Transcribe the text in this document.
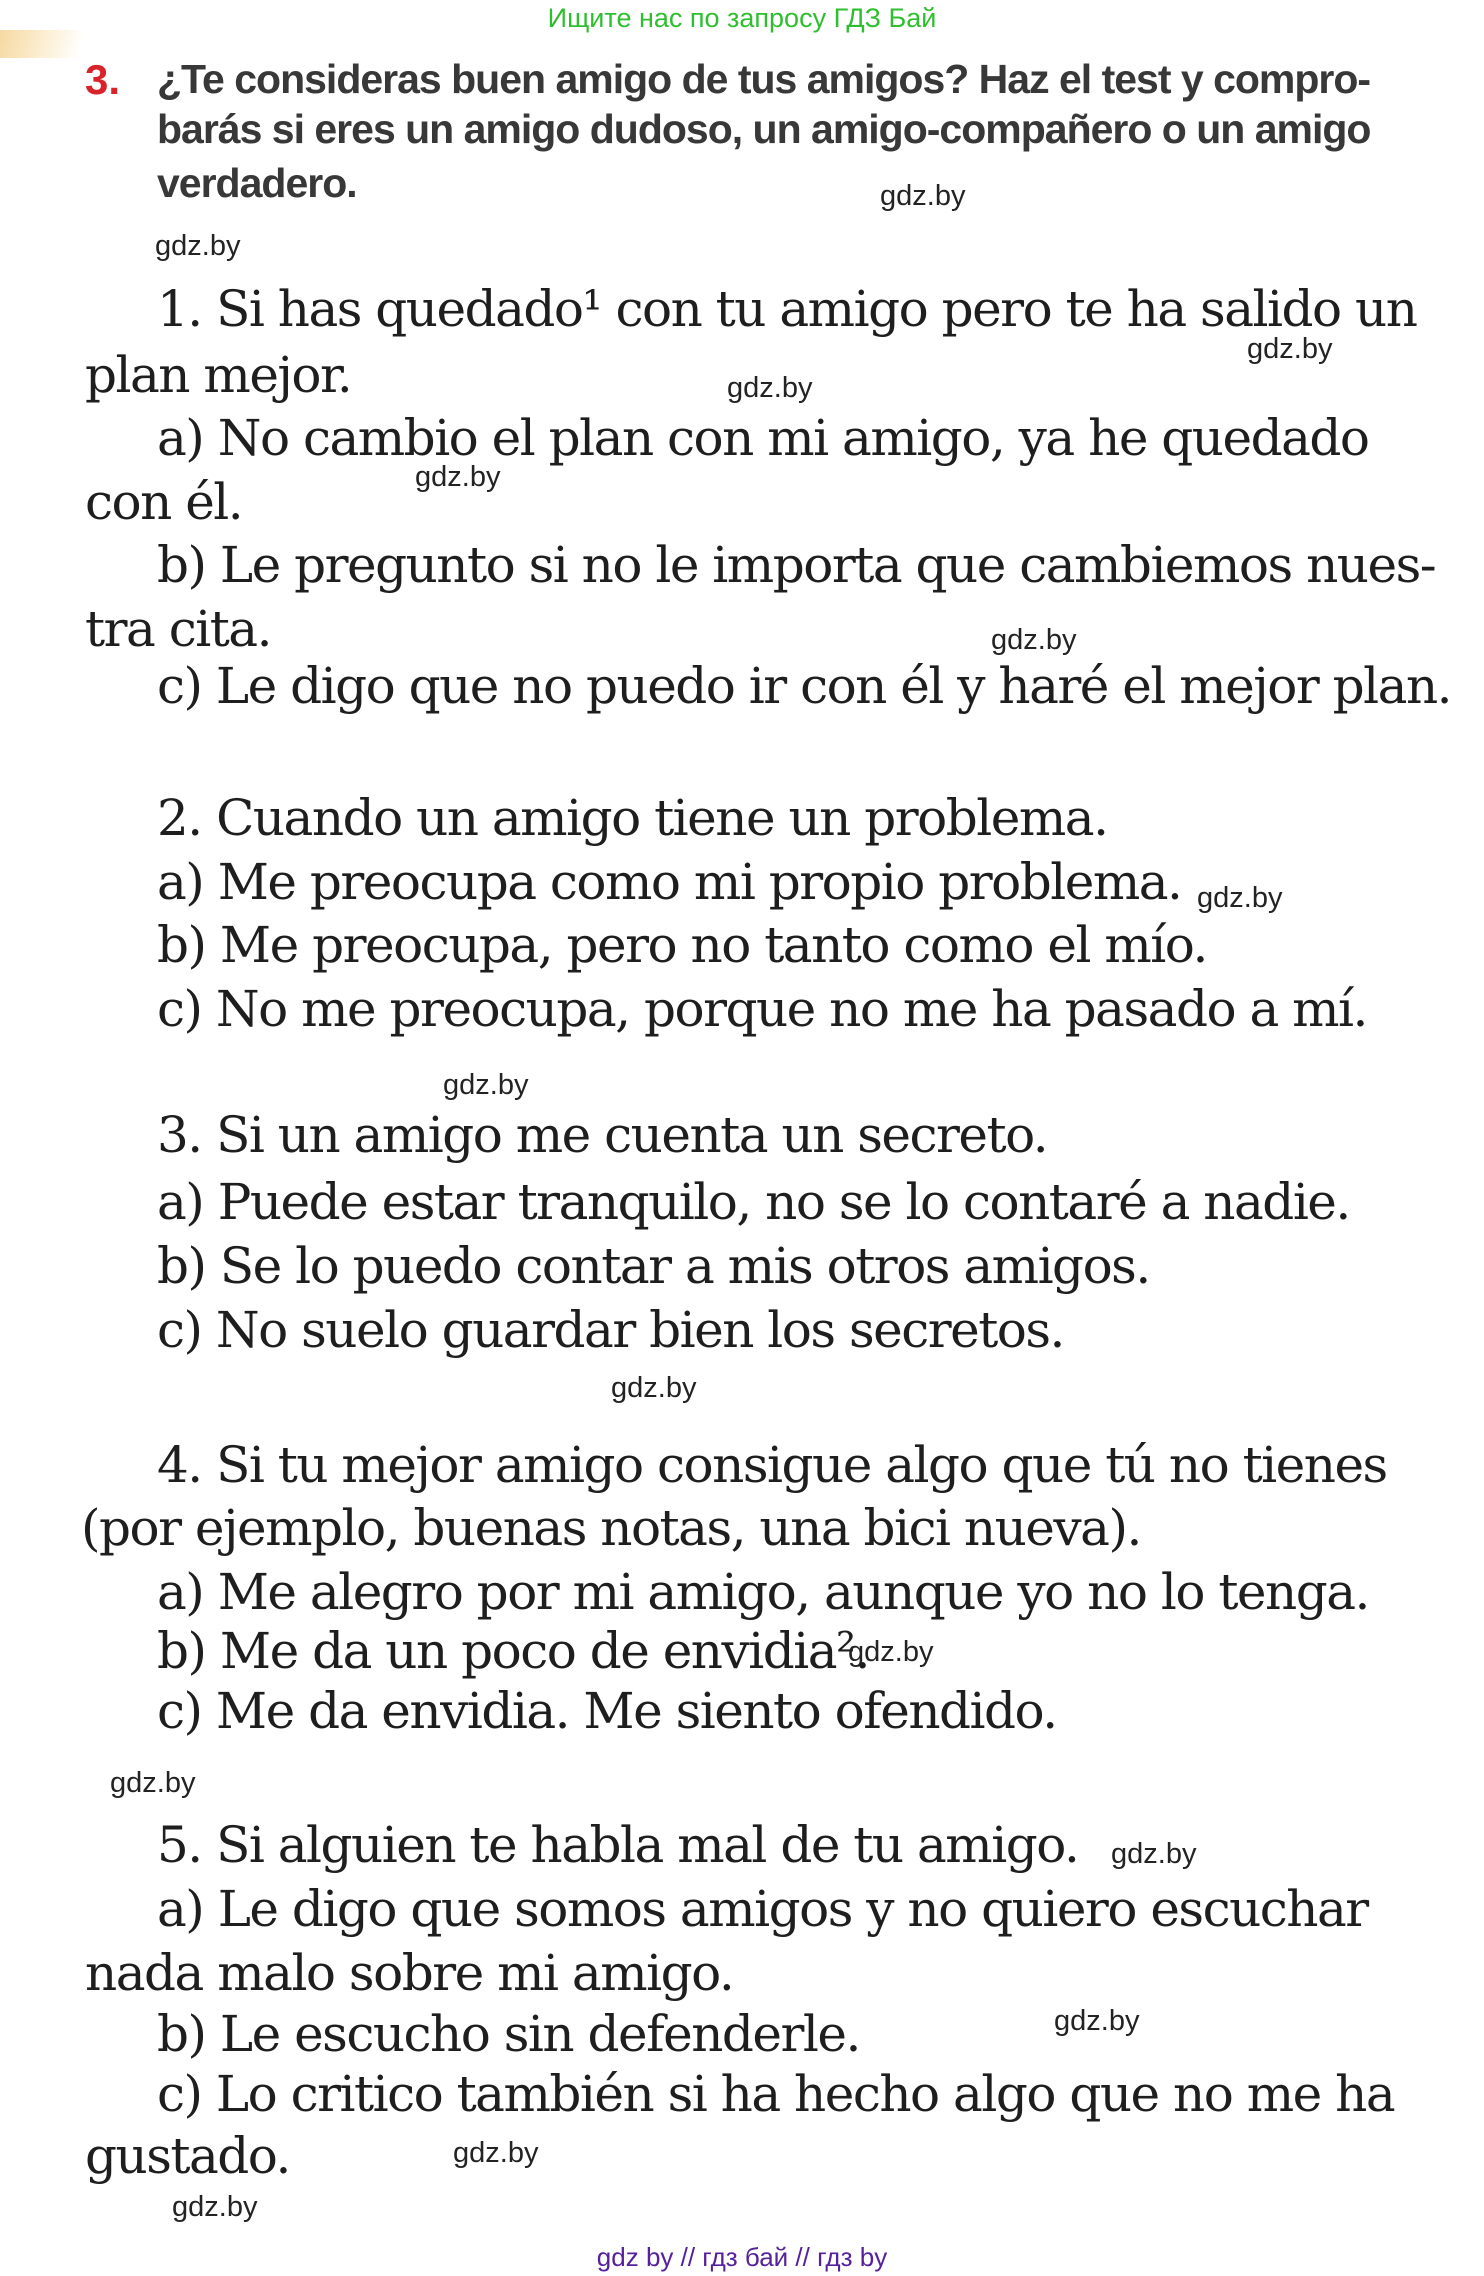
Ищите нас по запросу ГДЗ Бай
3. ¿Te consideras buen amigo de tus amigos? Haz el test y compro-
barás si eres un amigo dudoso, un amigo-compañero o un amigo
verdadero.
1. Si has quedado¹ con tu amigo pero te ha salido un
plan mejor.
a) No cambio el plan con mi amigo, ya he quedado
con él.
b) Le pregunto si no le importa que cambiemos nues-
tra cita.
c) Le digo que no puedo ir con él y haré el mejor plan.
2. Cuando un amigo tiene un problema.
a) Me preocupa como mi propio problema.
b) Me preocupa, pero no tanto como el mío.
c) No me preocupa, porque no me ha pasado a mí.
3. Si un amigo me cuenta un secreto.
a) Puede estar tranquilo, no se lo contaré a nadie.
b) Se lo puedo contar a mis otros amigos.
c) No suelo guardar bien los secretos.
4. Si tu mejor amigo consigue algo que tú no tienes
(por ejemplo, buenas notas, una bici nueva).
a) Me alegro por mi amigo, aunque yo no lo tenga.
b) Me da un poco de envidia².
c) Me da envidia. Me siento ofendido.
5. Si alguien te habla mal de tu amigo.
a) Le digo que somos amigos y no quiero escuchar
nada malo sobre mi amigo.
b) Le escucho sin defenderle.
c) Lo critico también si ha hecho algo que no me ha
gustado.
gdz.by
gdz.by
gdz.by
gdz.by
gdz.by
gdz.by
gdz.by
gdz.by
gdz.by
gdz.by
gdz.by
gdz.by
gdz.by
gdz.by
gdz.by
gdz by // гдз бай // гдз by
